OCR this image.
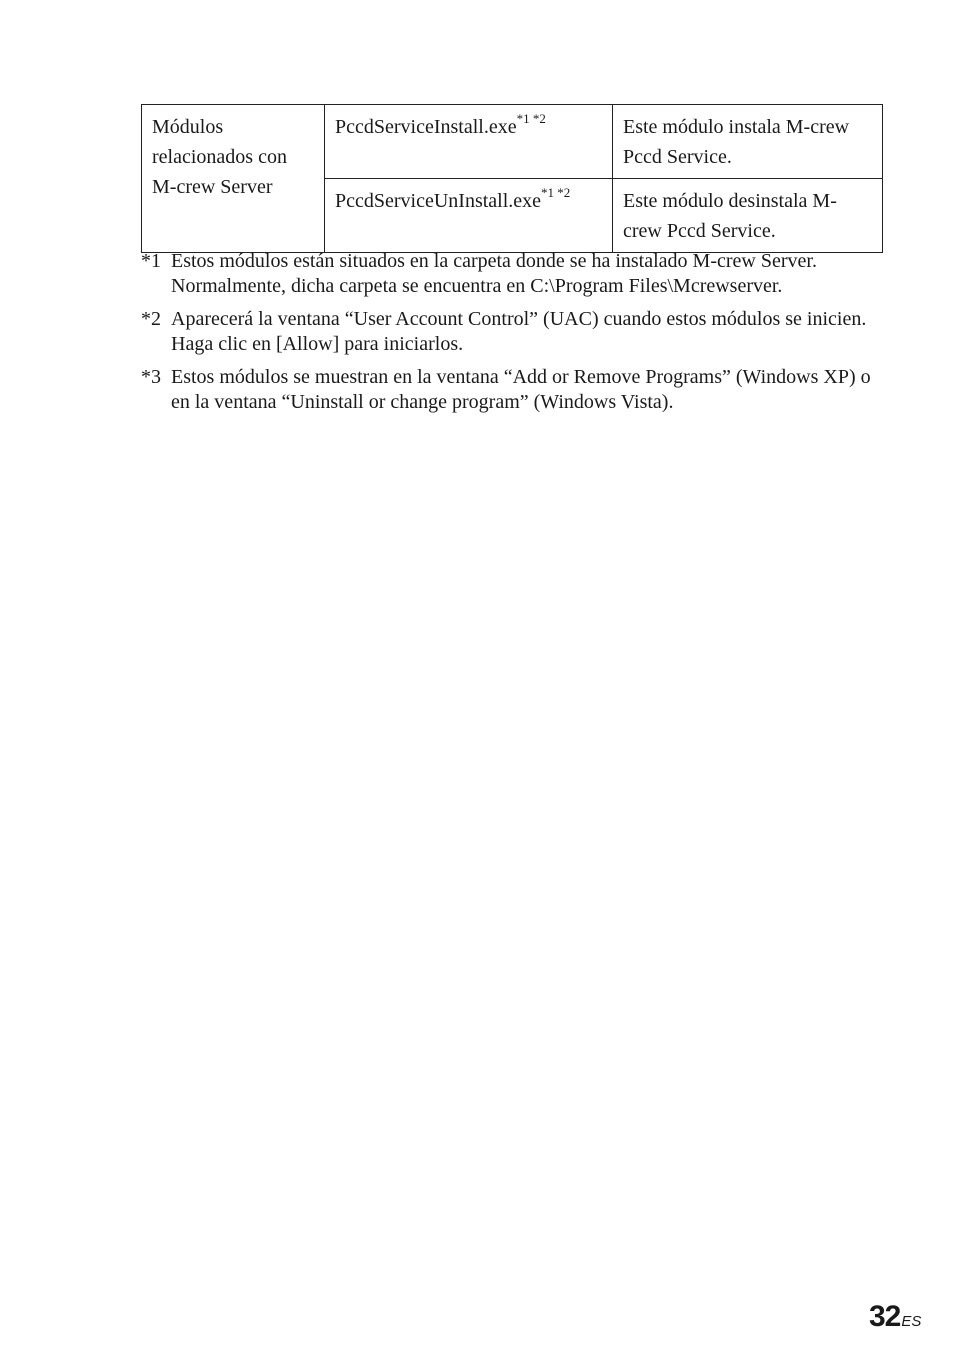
Módulos relacionados con M-crew Server	PccdServiceInstall.exe$^{*1 *2}$	Este módulo instala M-crew Pccd Service.
	PccdServiceUnInstall.exe$^{*1 *2}$	Este módulo desinstala M-crew Pccd Service.
*1 Estos módulos están situados en la carpeta donde se ha instalado M-crew Server. Normalmente, dicha carpeta se encuentra en C:\Program Files\Mcrewserver.
*2 Aparecerá la ventana “User Account Control” (UAC) cuando estos módulos se inicien. Haga clic en [Allow] para iniciarlos.
*3 Estos módulos se muestran en la ventana “Add or Remove Programs” (Windows XP) o en la ventana “Uninstall or change program” (Windows Vista).
32ES
